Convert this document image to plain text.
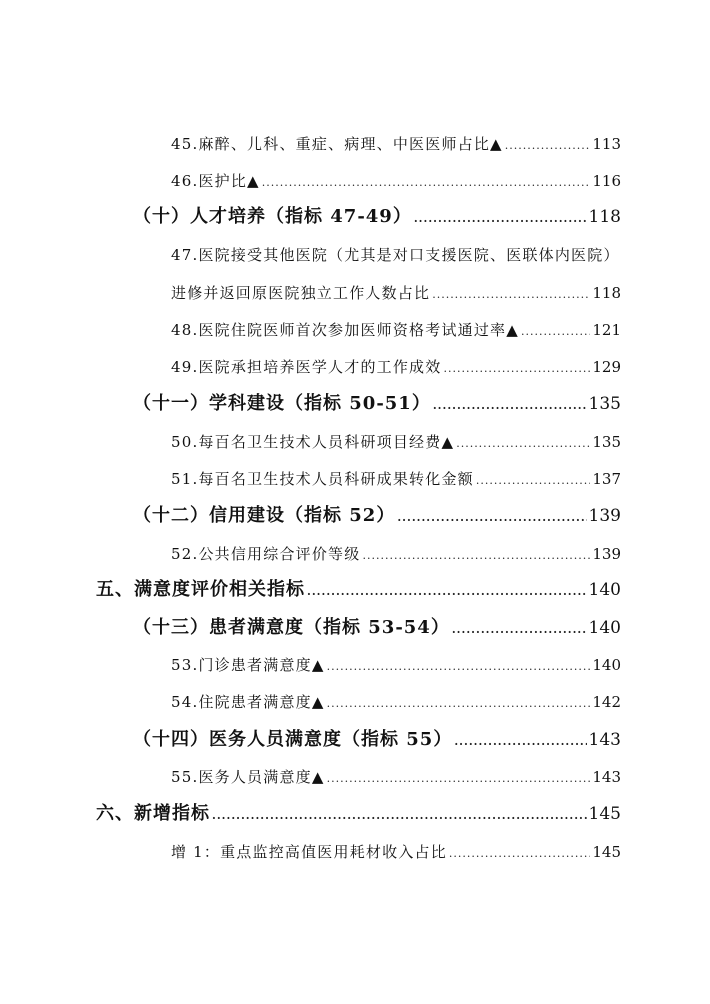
45.麻醉、儿科、重症、病理、中医医师占比▲ .....	113
46.医护比▲ .....	116
（十）人才培养（指标 47-49） .....	118
47.医院接受其他医院（尤其是对口支援医院、医联体内医院）
进修并返回原医院独立工作人数占比 .....	118
48.医院住院医师首次参加医师资格考试通过率▲ .....	121
49.医院承担培养医学人才的工作成效 .....	129
（十一）学科建设（指标 50-51） .....	135
50.每百名卫生技术人员科研项目经费▲ .....	135
51.每百名卫生技术人员科研成果转化金额 .....	137
（十二）信用建设（指标 52） .....	139
52.公共信用综合评价等级 .....	139
五、满意度评价相关指标 .....	140
（十三）患者满意度（指标 53-54） .....	140
53.门诊患者满意度▲ .....	140
54.住院患者满意度▲ .....	142
（十四）医务人员满意度（指标 55） .....	143
55.医务人员满意度▲ .....	143
六、新增指标 .....	145
增 1：重点监控高值医用耗材收入占比 .....	145
